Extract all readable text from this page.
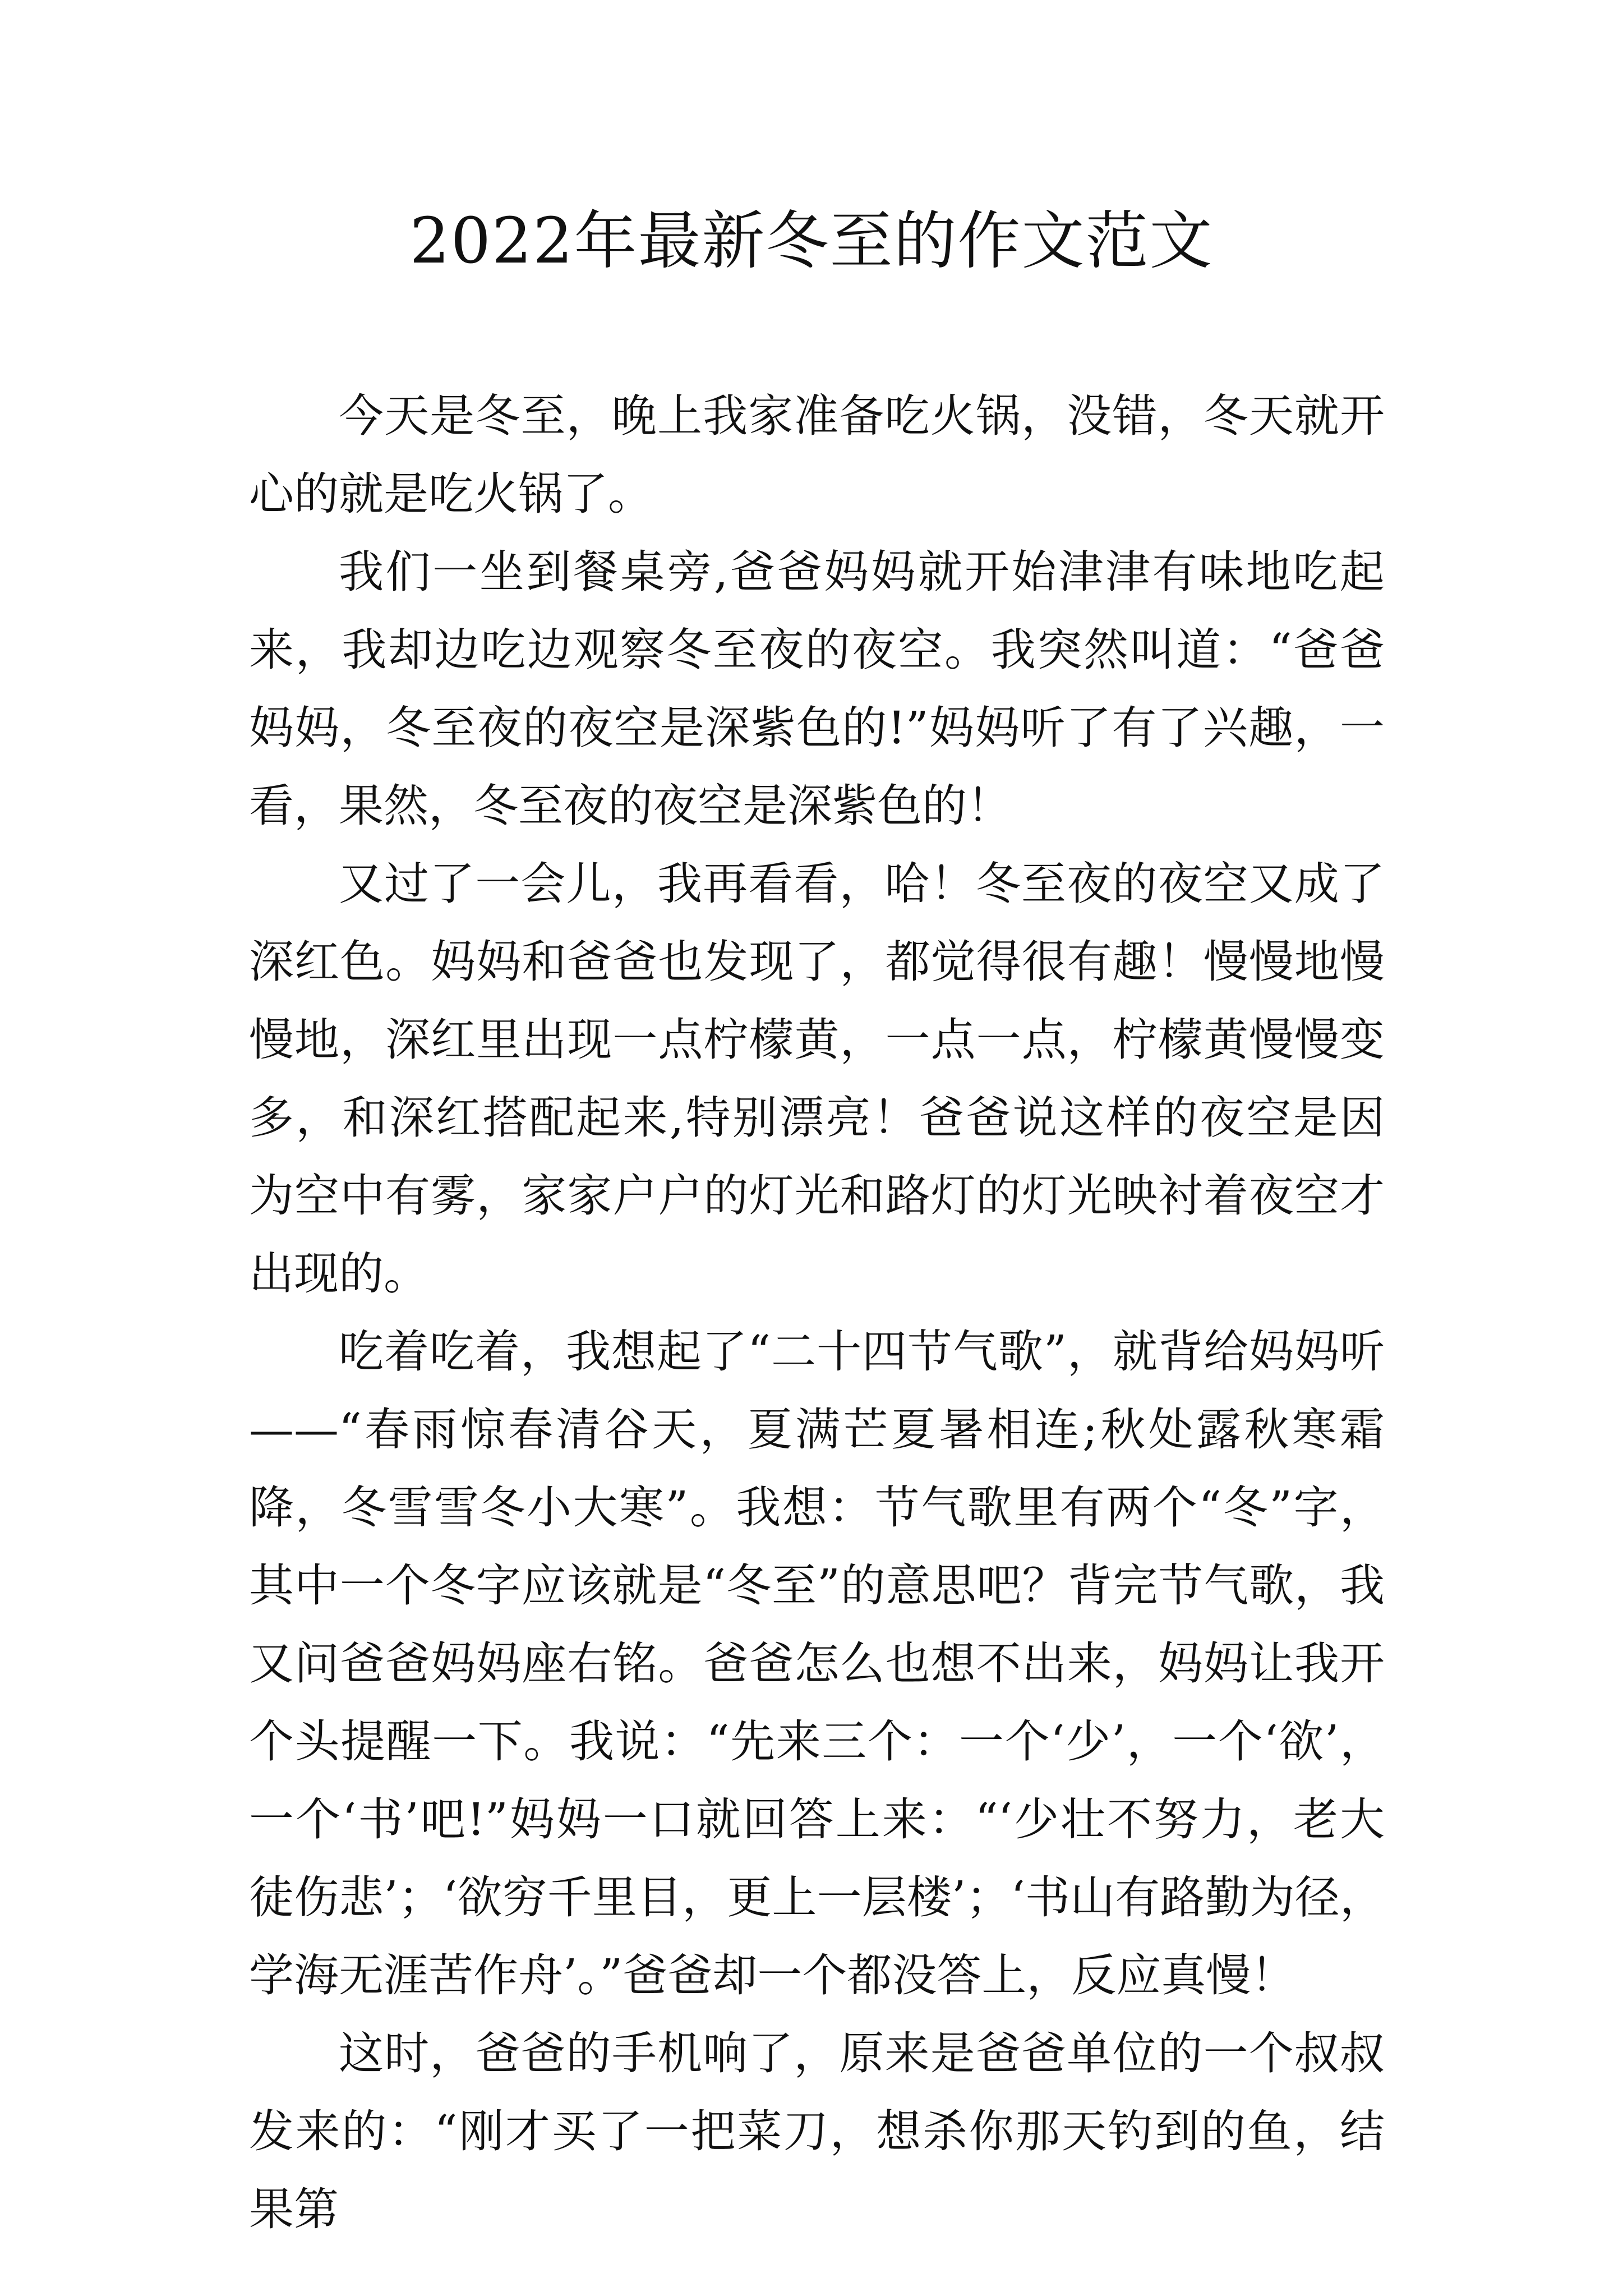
2022年最新冬至的作文范文

今天是冬至，晚上我家准备吃火锅，没错，冬天就开心的就是吃火锅了。

我们一坐到餐桌旁,爸爸妈妈就开始津津有味地吃起来，我却边吃边观察冬至夜的夜空。我突然叫道：“爸爸妈妈，冬至夜的夜空是深紫色的!”妈妈听了有了兴趣，一看，果然，冬至夜的夜空是深紫色的！

又过了一会儿，我再看看，哈！冬至夜的夜空又成了深红色。妈妈和爸爸也发现了，都觉得很有趣！慢慢地慢慢地，深红里出现一点柠檬黄，一点一点，柠檬黄慢慢变多，和深红搭配起来,特别漂亮！爸爸说这样的夜空是因为空中有雾，家家户户的灯光和路灯的灯光映衬着夜空才出现的。

吃着吃着，我想起了“二十四节气歌”，就背给妈妈听——“春雨惊春清谷天，夏满芒夏暑相连;秋处露秋寒霜降，冬雪雪冬小大寒”。我想：节气歌里有两个“冬”字，其中一个冬字应该就是“冬至”的意思吧？背完节气歌，我又问爸爸妈妈座右铭。爸爸怎么也想不出来，妈妈让我开个头提醒一下。我说：“先来三个：一个‘少’，一个‘欲’，一个‘书’吧!”妈妈一口就回答上来：“‘少壮不努力，老大徒伤悲’；‘欲穷千里目，更上一层楼’；‘书山有路勤为径，学海无涯苦作舟’。”爸爸却一个都没答上，反应真慢！

这时，爸爸的手机响了，原来是爸爸单位的一个叔叔发来的：“刚才买了一把菜刀，想杀你那天钓到的鱼，结果第
